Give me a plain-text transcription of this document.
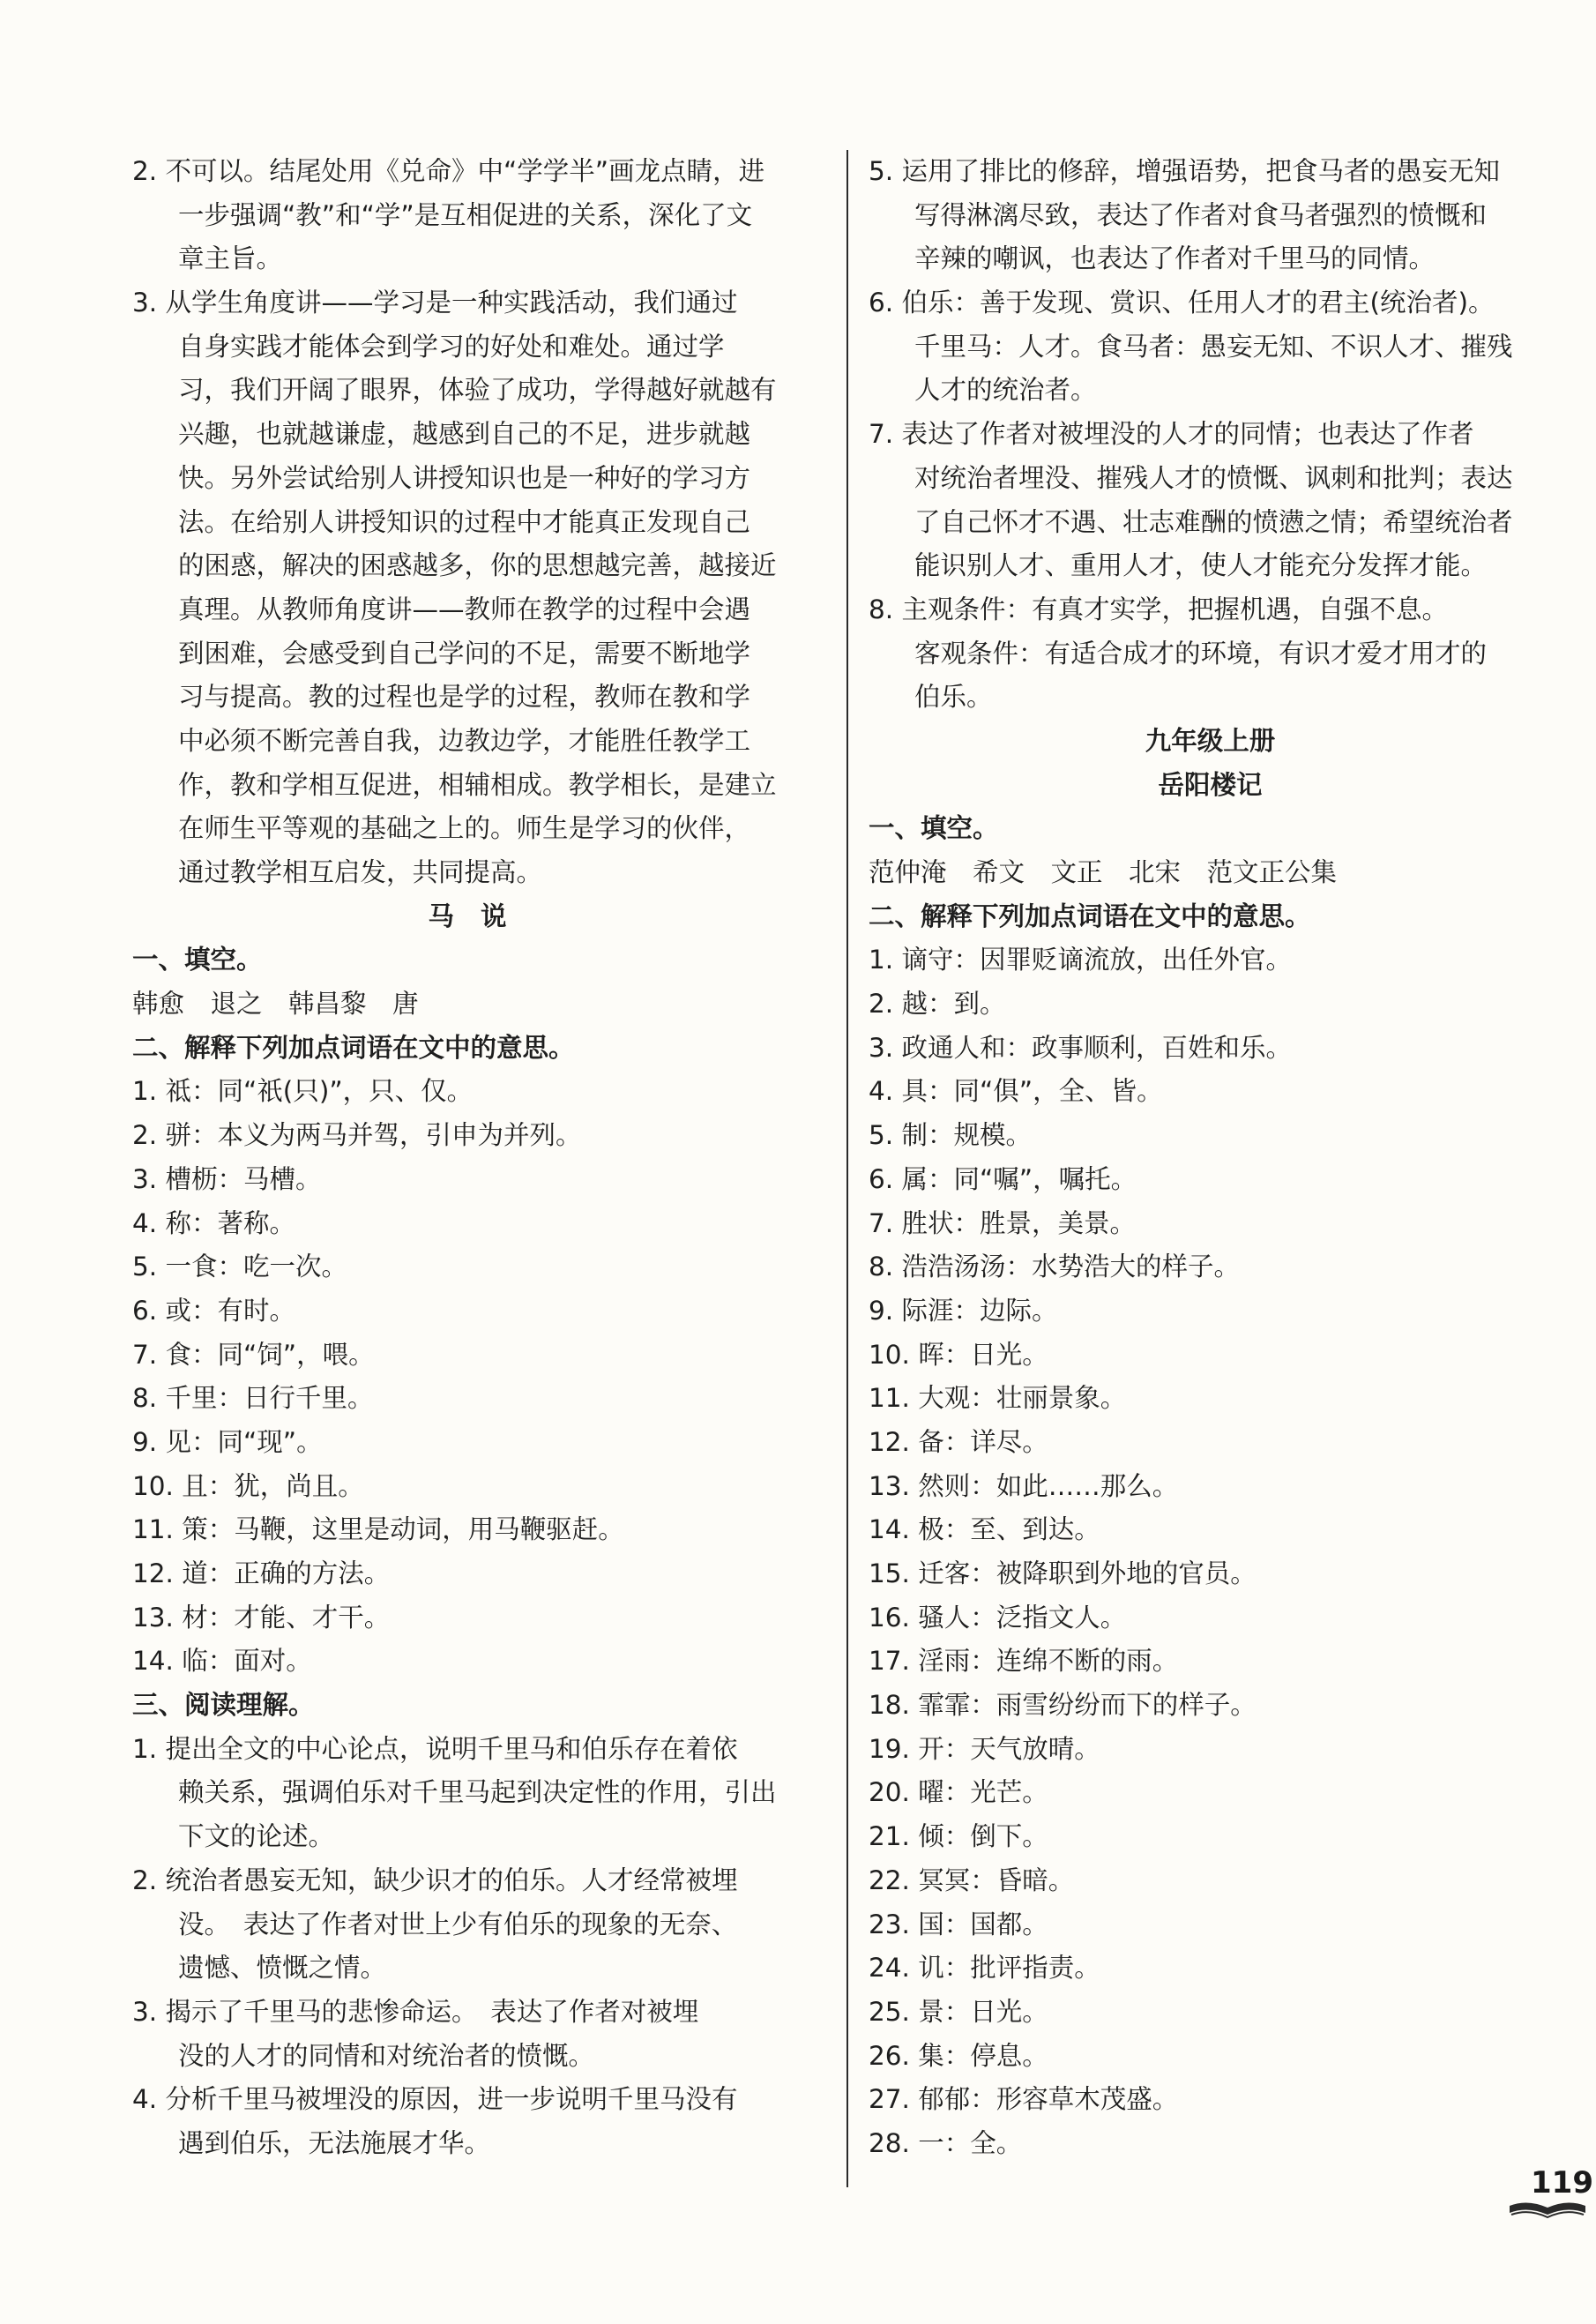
2. 不可以。结尾处用《兑命》中“学学半”画龙点睛，进
一步强调“教”和“学”是互相促进的关系，深化了文
章主旨。
3. 从学生角度讲——学习是一种实践活动，我们通过
自身实践才能体会到学习的好处和难处。通过学
习，我们开阔了眼界，体验了成功，学得越好就越有
兴趣，也就越谦虚，越感到自己的不足，进步就越
快。另外尝试给别人讲授知识也是一种好的学习方
法。在给别人讲授知识的过程中才能真正发现自己
的困惑，解决的困惑越多，你的思想越完善，越接近
真理。从教师角度讲——教师在教学的过程中会遇
到困难，会感受到自己学问的不足，需要不断地学
习与提高。教的过程也是学的过程，教师在教和学
中必须不断完善自我，边教边学，才能胜任教学工
作，教和学相互促进，相辅相成。教学相长，是建立
在师生平等观的基础之上的。师生是学习的伙伴，
通过教学相互启发，共同提高。
马说
一、填空。
韩愈　退之　韩昌黎　唐
二、解释下列加点词语在文中的意思。
1. 祗：同“祇(只)”，只、仅。
2. 骈：本义为两马并驾，引申为并列。
3. 槽枥：马槽。
4. 称：著称。
5. 一食：吃一次。
6. 或：有时。
7. 食：同“饲”，喂。
8. 千里：日行千里。
9. 见：同“现”。
10. 且：犹，尚且。
11. 策：马鞭，这里是动词，用马鞭驱赶。
12. 道：正确的方法。
13. 材：才能、才干。
14. 临：面对。
三、阅读理解。
1. 提出全文的中心论点，说明千里马和伯乐存在着依
赖关系，强调伯乐对千里马起到决定性的作用，引出
下文的论述。
2. 统治者愚妄无知，缺少识才的伯乐。人才经常被埋
没。　表达了作者对世上少有伯乐的现象的无奈、
遗憾、愤慨之情。
3. 揭示了千里马的悲惨命运。　表达了作者对被埋
没的人才的同情和对统治者的愤慨。
4. 分析千里马被埋没的原因，进一步说明千里马没有
遇到伯乐，无法施展才华。
5. 运用了排比的修辞，增强语势，把食马者的愚妄无知
写得淋漓尽致，表达了作者对食马者强烈的愤慨和
辛辣的嘲讽，也表达了作者对千里马的同情。
6. 伯乐：善于发现、赏识、任用人才的君主(统治者)。
千里马：人才。食马者：愚妄无知、不识人才、摧残
人才的统治者。
7. 表达了作者对被埋没的人才的同情；也表达了作者
对统治者埋没、摧残人才的愤慨、讽刺和批判；表达
了自己怀才不遇、壮志难酬的愤懑之情；希望统治者
能识别人才、重用人才，使人才能充分发挥才能。
8. 主观条件：有真才实学，把握机遇，自强不息。
客观条件：有适合成才的环境，有识才爱才用才的
伯乐。
九年级上册
岳阳楼记
一、填空。
范仲淹　希文　文正　北宋　范文正公集
二、解释下列加点词语在文中的意思。
1. 谪守：因罪贬谪流放，出任外官。
2. 越：到。
3. 政通人和：政事顺利，百姓和乐。
4. 具：同“俱”，全、皆。
5. 制：规模。
6. 属：同“嘱”，嘱托。
7. 胜状：胜景，美景。
8. 浩浩汤汤：水势浩大的样子。
9. 际涯：边际。
10. 晖：日光。
11. 大观：壮丽景象。
12. 备：详尽。
13. 然则：如此……那么。
14. 极：至、到达。
15. 迁客：被降职到外地的官员。
16. 骚人：泛指文人。
17. 淫雨：连绵不断的雨。
18. 霏霏：雨雪纷纷而下的样子。
19. 开：天气放晴。
20. 曜：光芒。
21. 倾：倒下。
22. 冥冥：昏暗。
23. 国：国都。
24. 讥：批评指责。
25. 景：日光。
26. 集：停息。
27. 郁郁：形容草木茂盛。
28. 一：全。
119
